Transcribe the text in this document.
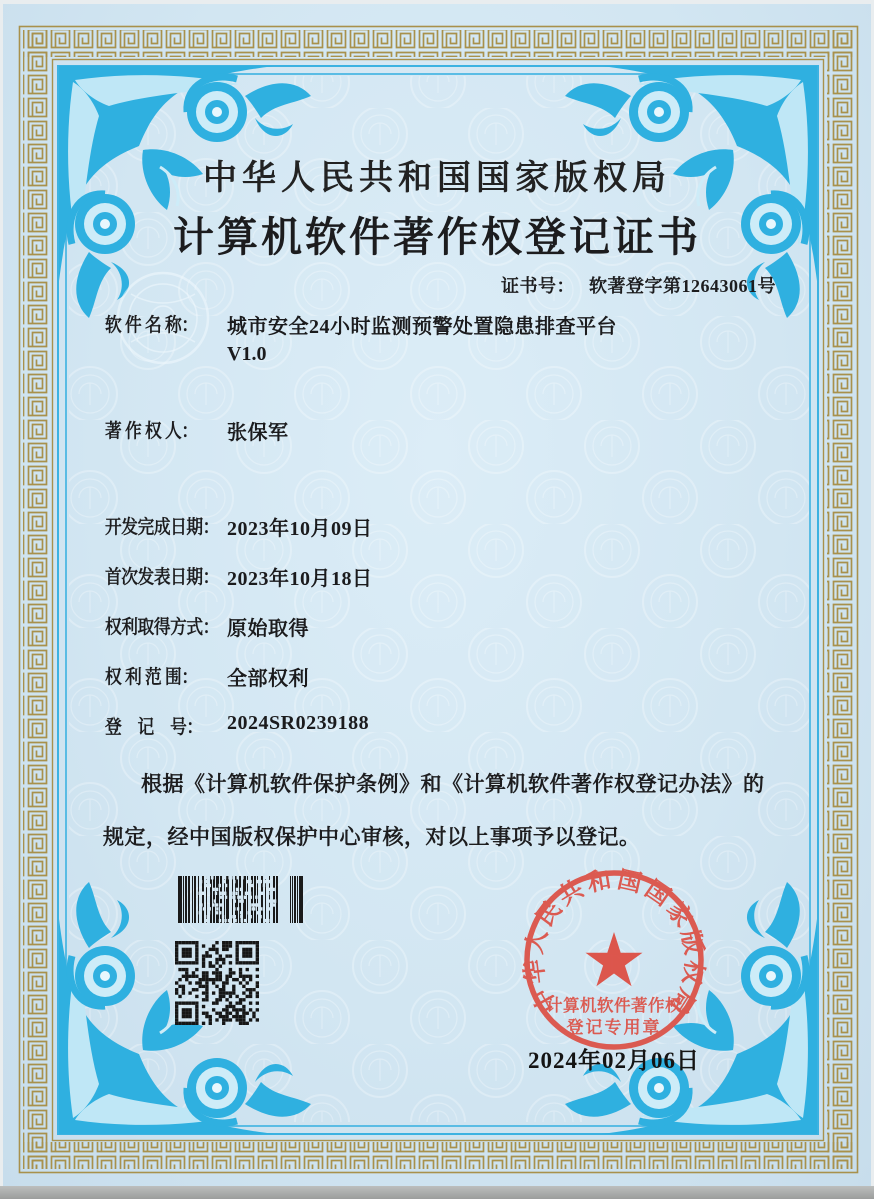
中华人民共和国国家版权局
计算机软件著作权登记证书
证书号： 软著登字第12643061号
软 件 名 称： 城市安全24小时监测预警处置隐患排查平台
V1.0
著 作 权 人： 张保军
开发完成日期： 2023年10月09日
首次发表日期： 2023年10月18日
权利取得方式： 原始取得
权 利 范 围： 全部权利
登　记　号： 2024SR0239188
根据《计算机软件保护条例》和《计算机软件著作权登记办法》的
规定，经中国版权保护中心审核，对以上事项予以登记。
中华人民共和国国家版权局
计算机软件著作权
登记专用章
2024年02月06日
